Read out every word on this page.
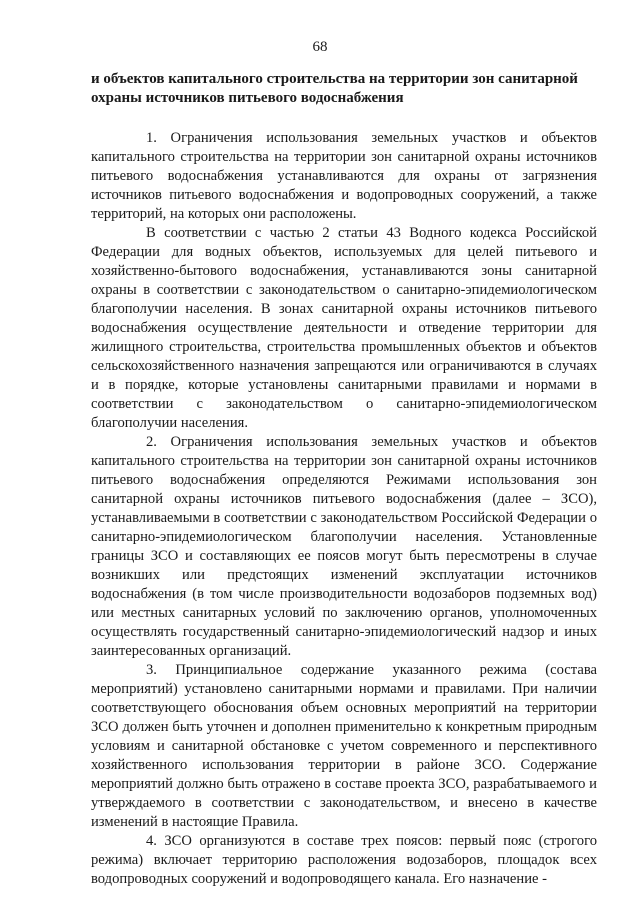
68
и объектов капитального строительства на территории зон санитарной охраны источников питьевого водоснабжения

1. Ограничения использования земельных участков и объектов капитального строительства на территории зон санитарной охраны источников питьевого водоснабжения устанавливаются для охраны от загрязнения источников питьевого водоснабжения и водопроводных сооружений, а также территорий, на которых они расположены.

В соответствии с частью 2 статьи 43 Водного кодекса Российской Федерации для водных объектов, используемых для целей питьевого и хозяйственно-бытового водоснабжения, устанавливаются зоны санитарной охраны в соответствии с законодательством о санитарно-эпидемиологическом благополучии населения. В зонах санитарной охраны источников питьевого водоснабжения осуществление деятельности и отведение территории для жилищного строительства, строительства промышленных объектов и объектов сельскохозяйственного назначения запрещаются или ограничиваются в случаях и в порядке, которые установлены санитарными правилами и нормами в соответствии с законодательством о санитарно-эпидемиологическом благополучии населения.

2. Ограничения использования земельных участков и объектов капитального строительства на территории зон санитарной охраны источников питьевого водоснабжения определяются Режимами использования зон санитарной охраны источников питьевого водоснабжения (далее – ЗСО), устанавливаемыми в соответствии с законодательством Российской Федерации о санитарно-эпидемиологическом благополучии населения. Установленные границы ЗСО и составляющих ее поясов могут быть пересмотрены в случае возникших или предстоящих изменений эксплуатации источников водоснабжения (в том числе производительности водозаборов подземных вод) или местных санитарных условий по заключению органов, уполномоченных осуществлять государственный санитарно-эпидемиологический надзор и иных заинтересованных организаций.

3. Принципиальное содержание указанного режима (состава мероприятий) установлено санитарными нормами и правилами. При наличии соответствующего обоснования объем основных мероприятий на территории ЗСО должен быть уточнен и дополнен применительно к конкретным природным условиям и санитарной обстановке с учетом современного и перспективного хозяйственного использования территории в районе ЗСО. Содержание мероприятий должно быть отражено в составе проекта ЗСО, разрабатываемого и утверждаемого в соответствии с законодательством, и внесено в качестве изменений в настоящие Правила.

4. ЗСО организуются в составе трех поясов: первый пояс (строгого режима) включает территорию расположения водозаборов, площадок всех водопроводных сооружений и водопроводящего канала. Его назначение -
